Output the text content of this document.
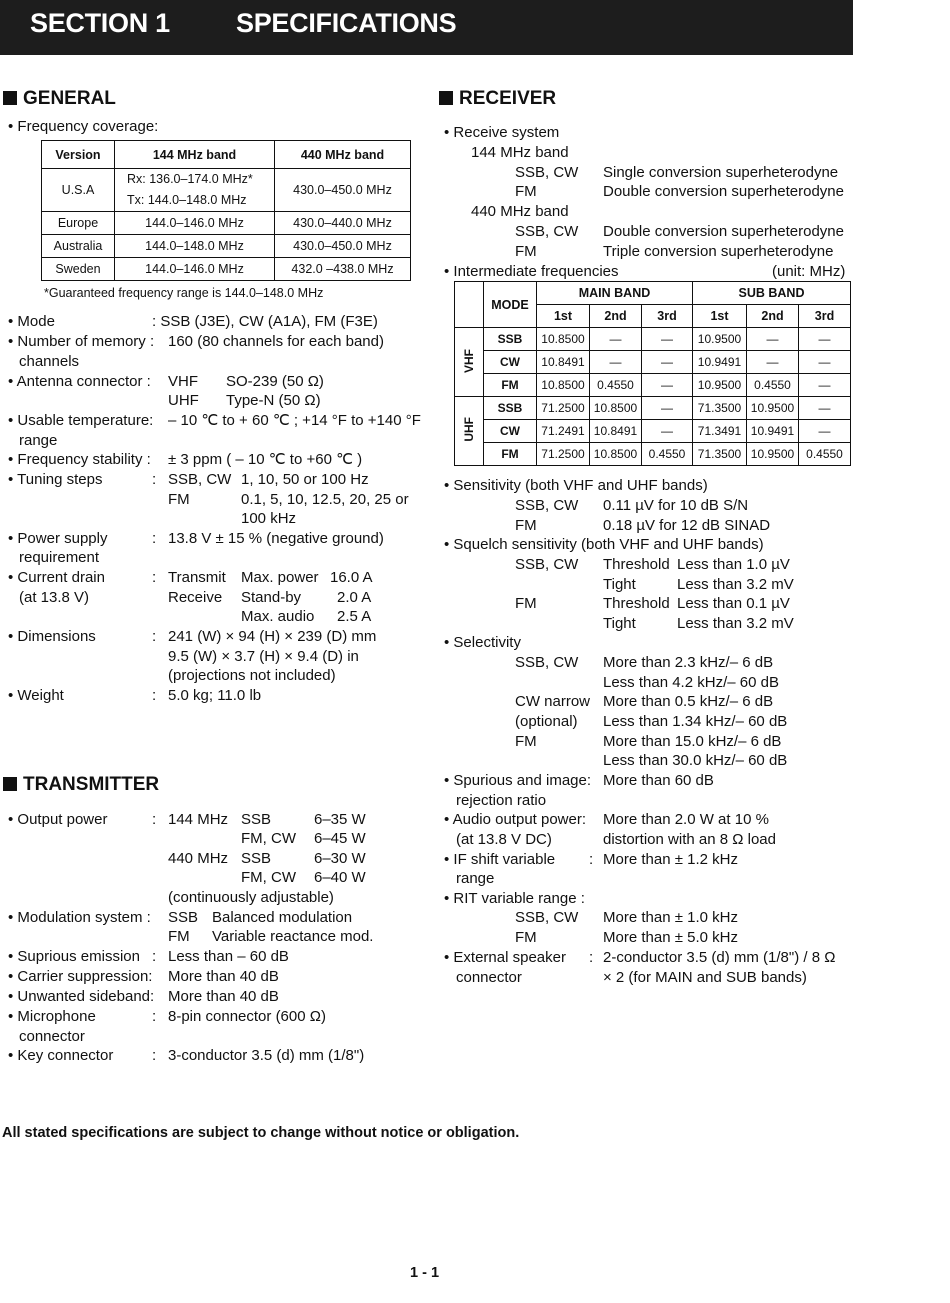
SECTION 1 SPECIFICATIONS
GENERAL
• Frequency coverage:
Version	144 MHz band	440 MHz band
U.S.A	Rx: 136.0–174.0 MHz*
Tx: 144.0–148.0 MHz	430.0–450.0 MHz
Europe	144.0–146.0 MHz	430.0–440.0 MHz
Australia	144.0–148.0 MHz	430.0–450.0 MHz
Sweden	144.0–146.0 MHz	432.0 –438.0 MHz
*Guaranteed frequency range is 144.0–148.0 MHz
• Mode	: SSB (J3E), CW (A1A), FM (F3E)
• Number of memory : 160 (80 channels for each band)
channels
• Antenna connector : VHF SO-239 (50 Ω)
UHF Type-N (50 Ω)
• Usable temperature: – 10 ℃ to + 60 ℃ ; +14 °F to +140 °F
range
• Frequency stability : ± 3 ppm ( – 10 ℃ to +60 ℃ )
• Tuning steps	: SSB, CW 1, 10, 50 or 100 Hz
FM	0.1, 5, 10, 12.5, 20, 25 or
100 kHz
• Power supply	: 13.8 V ± 15 % (negative ground)
requirement
• Current drain	: Transmit Max. power 16.0 A
(at 13.8 V)	Receive Stand-by 2.0 A
Max. audio 2.5 A
• Dimensions	: 241 (W) × 94 (H) × 239 (D) mm
9.5 (W) × 3.7 (H) × 9.4 (D) in
(projections not included)
• Weight	: 5.0 kg; 11.0 lb
TRANSMITTER
• Output power	: 144 MHz SSB	6–35 W
FM, CW 6–45 W
440 MHz SSB	6–30 W
FM, CW 6–40 W
(continuously adjustable)
• Modulation system : SSB Balanced modulation
FM Variable reactance mod.
• Suprious emission : Less than – 60 dB
• Carrier suppression: More than 40 dB
• Unwanted sideband: More than 40 dB
• Microphone	: 8-pin connector (600 Ω)
connector
• Key connector	: 3-conductor 3.5 (d) mm (1/8")
RECEIVER
• Receive system
144 MHz band
SSB, CW Single conversion superheterodyne
FM	Double conversion superheterodyne
440 MHz band
SSB, CW Double conversion superheterodyne
FM	Triple conversion superheterodyne
• Intermediate frequencies	(unit: MHz)
	MODE	MAIN BAND			SUB BAND		
		1st	2nd	3rd	1st	2nd	3rd
VHF	SSB	10.8500	—	—	10.9500	—	—
	CW	10.8491	—	—	10.9491	—	—
	FM	10.8500	0.4550	—	10.9500	0.4550	—
UHF	SSB	71.2500	10.8500	—	71.3500	10.9500	—
	CW	71.2491	10.8491	—	71.3491	10.9491	—
	FM	71.2500	10.8500	0.4550	71.3500	10.9500	0.4550
• Sensitivity (both VHF and UHF bands)
SSB, CW 0.11 µV for 10 dB S/N
FM	0.18 µV for 12 dB SINAD
• Squelch sensitivity (both VHF and UHF bands)
SSB, CW Threshold Less than 1.0 µV
Tight	Less than 3.2 mV
FM	Threshold Less than 0.1 µV
Tight	Less than 3.2 mV
• Selectivity
SSB, CW More than 2.3 kHz/– 6 dB
Less than 4.2 kHz/– 60 dB
CW narrow More than 0.5 kHz/– 6 dB
(optional) Less than 1.34 kHz/– 60 dB
FM	More than 15.0 kHz/– 6 dB
Less than 30.0 kHz/– 60 dB
• Spurious and image: More than 60 dB
rejection ratio
• Audio output power: More than 2.0 W at 10 %
(at 13.8 V DC)	distortion with an 8 Ω load
• IF shift variable : More than ± 1.2 kHz
range
• RIT variable range :
SSB, CW More than ± 1.0 kHz
FM	More than ± 5.0 kHz
• External speaker : 2-conductor 3.5 (d) mm (1/8") / 8 Ω
connector	× 2 (for MAIN and SUB bands)
All stated specifications are subject to change without notice or obligation.
1 - 1
